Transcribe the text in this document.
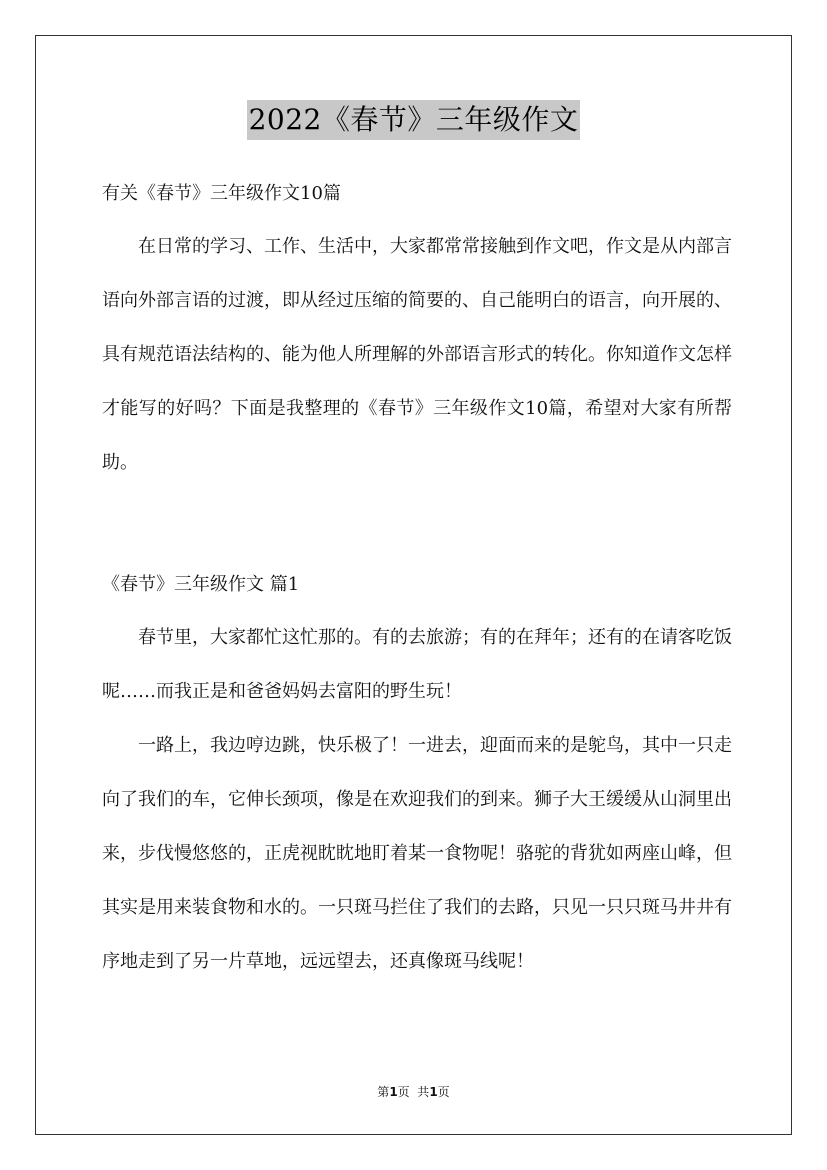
2022《春节》三年级作文

有关《春节》三年级作文10篇

在日常的学习、工作、生活中，大家都常常接触到作文吧，作文是从内部言语向外部言语的过渡，即从经过压缩的简要的、自己能明白的语言，向开展的、具有规范语法结构的、能为他人所理解的外部语言形式的转化。你知道作文怎样才能写的好吗？下面是我整理的《春节》三年级作文10篇，希望对大家有所帮助。

《春节》三年级作文 篇1

春节里，大家都忙这忙那的。有的去旅游；有的在拜年；还有的在请客吃饭呢……而我正是和爸爸妈妈去富阳的野生玩！

一路上，我边哼边跳，快乐极了！一进去，迎面而来的是鸵鸟，其中一只走向了我们的车，它伸长颈项，像是在欢迎我们的到来。狮子大王缓缓从山洞里出来，步伐慢悠悠的，正虎视眈眈地盯着某一食物呢！骆驼的背犹如两座山峰，但其实是用来装食物和水的。一只斑马拦住了我们的去路，只见一只只斑马井井有序地走到了另一片草地，远远望去，还真像斑马线呢！

第1页  共1页
